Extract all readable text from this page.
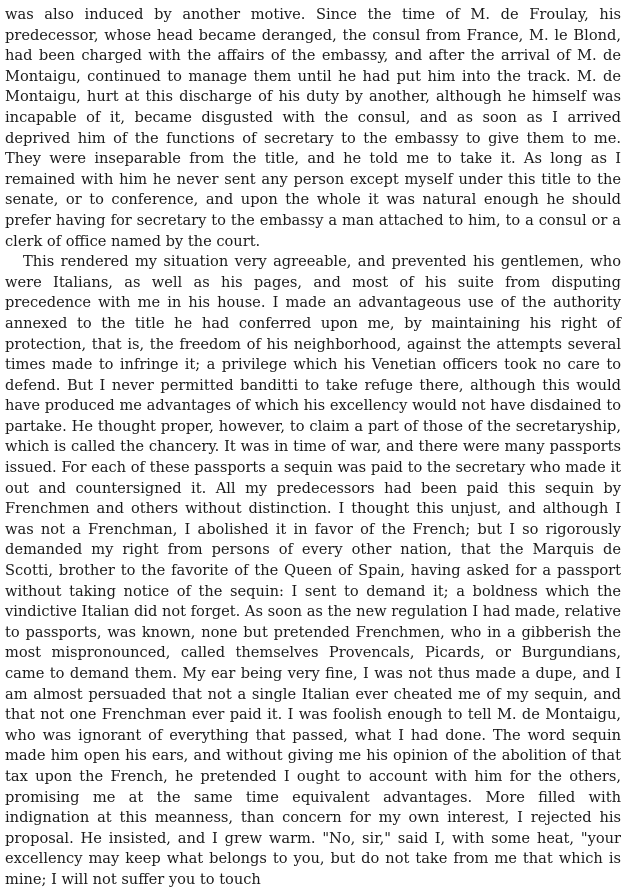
was also induced by another motive. Since the time of M. de Froulay, his predecessor, whose head became deranged, the consul from France, M. le Blond, had been charged with the affairs of the embassy, and after the arrival of M. de Montaigu, continued to manage them until he had put him into the track. M. de Montaigu, hurt at this discharge of his duty by another, although he himself was incapable of it, became disgusted with the consul, and as soon as I arrived deprived him of the functions of secretary to the embassy to give them to me. They were inseparable from the title, and he told me to take it. As long as I remained with him he never sent any person except myself under this title to the senate, or to conference, and upon the whole it was natural enough he should prefer having for secretary to the embassy a man attached to him, to a consul or a clerk of office named by the court.

This rendered my situation very agreeable, and prevented his gentlemen, who were Italians, as well as his pages, and most of his suite from disputing precedence with me in his house. I made an advantageous use of the authority annexed to the title he had conferred upon me, by maintaining his right of protection, that is, the freedom of his neighborhood, against the attempts several times made to infringe it; a privilege which his Venetian officers took no care to defend. But I never permitted banditti to take refuge there, although this would have produced me advantages of which his excellency would not have disdained to partake. He thought proper, however, to claim a part of those of the secretaryship, which is called the chancery. It was in time of war, and there were many passports issued. For each of these passports a sequin was paid to the secretary who made it out and countersigned it. All my predecessors had been paid this sequin by Frenchmen and others without distinction. I thought this unjust, and although I was not a Frenchman, I abolished it in favor of the French; but I so rigorously demanded my right from persons of every other nation, that the Marquis de Scotti, brother to the favorite of the Queen of Spain, having asked for a passport without taking notice of the sequin: I sent to demand it; a boldness which the vindictive Italian did not forget. As soon as the new regulation I had made, relative to passports, was known, none but pretended Frenchmen, who in a gibberish the most mispronounced, called themselves Provencals, Picards, or Burgundians, came to demand them. My ear being very fine, I was not thus made a dupe, and I am almost persuaded that not a single Italian ever cheated me of my sequin, and that not one Frenchman ever paid it. I was foolish enough to tell M. de Montaigu, who was ignorant of everything that passed, what I had done. The word sequin made him open his ears, and without giving me his opinion of the abolition of that tax upon the French, he pretended I ought to account with him for the others, promising me at the same time equivalent advantages. More filled with indignation at this meanness, than concern for my own interest, I rejected his proposal. He insisted, and I grew warm. "No, sir," said I, with some heat, "your excellency may keep what belongs to you, but do not take from me that which is mine; I will not suffer you to touch
